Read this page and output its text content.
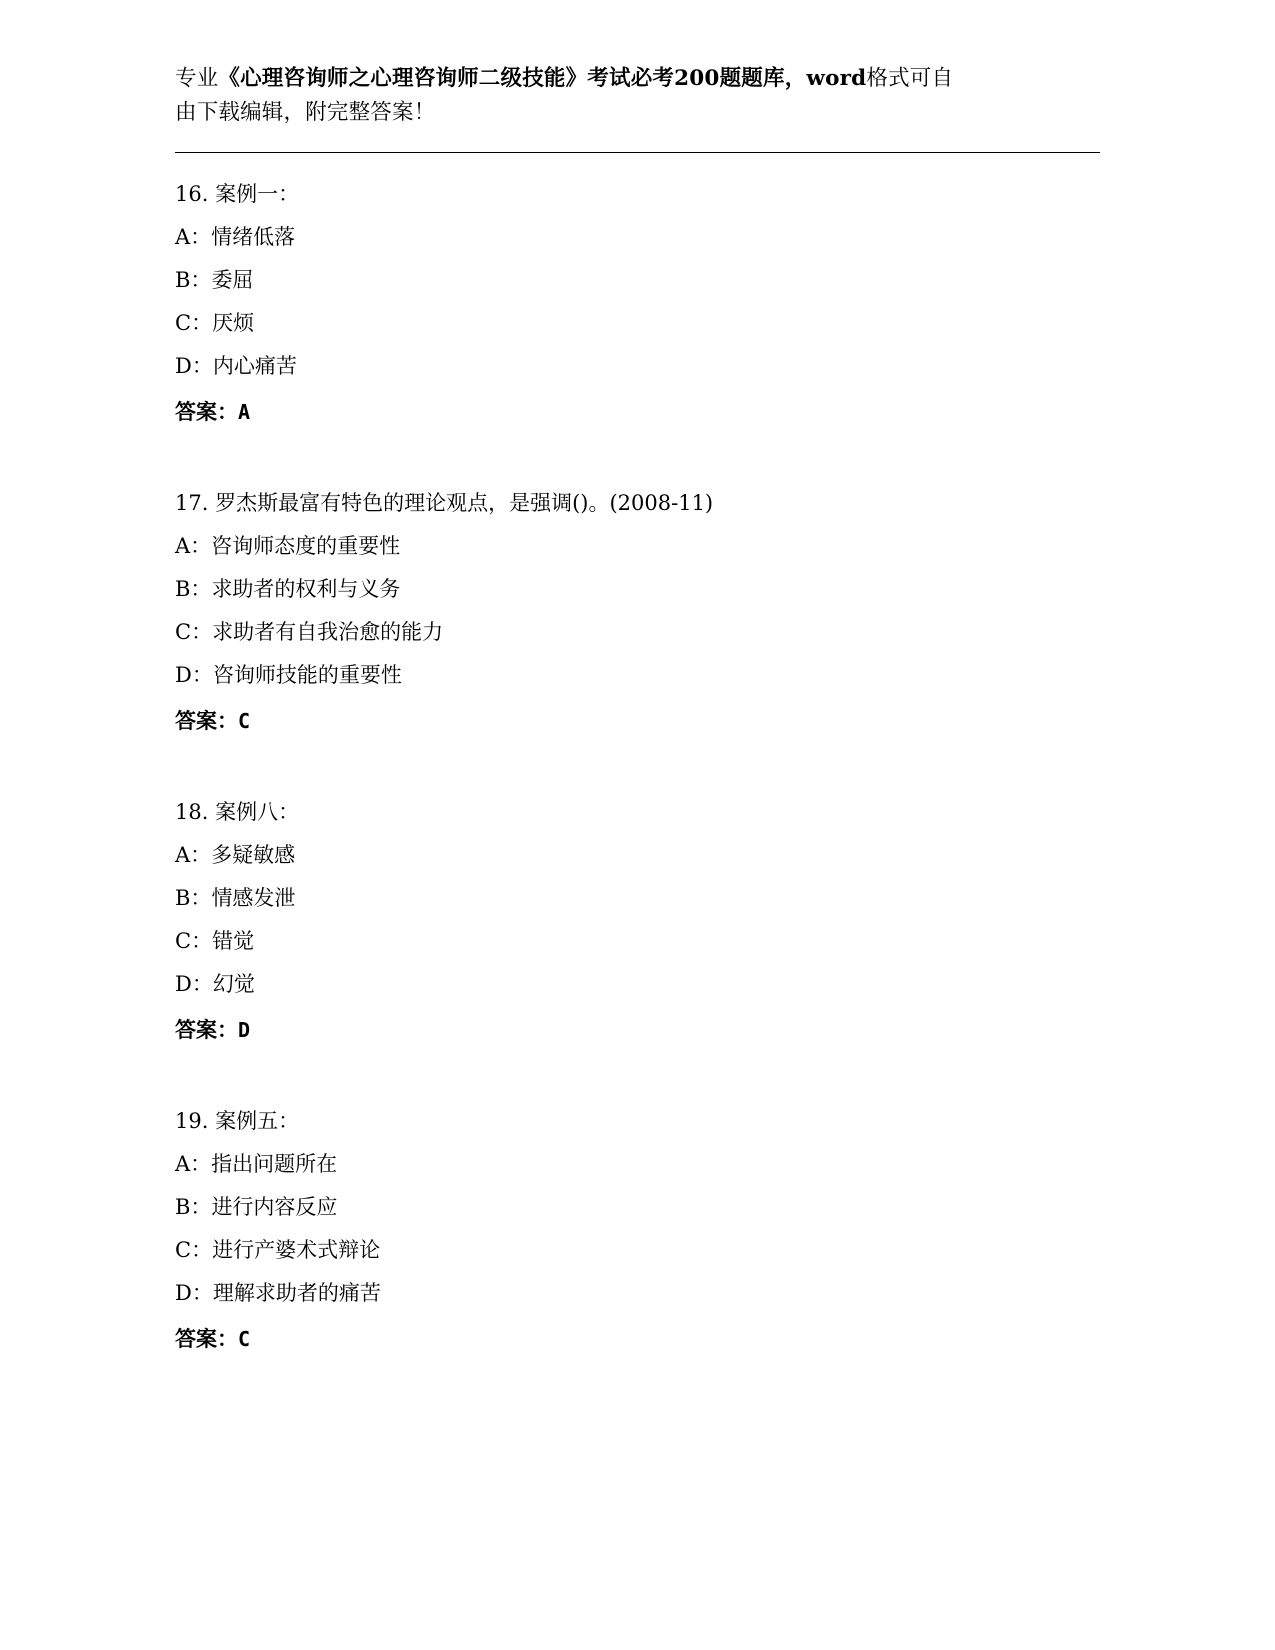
专业《心理咨询师之心理咨询师二级技能》考试必考200题题库，word格式可自
由下载编辑，附完整答案！
16. 案例一：
A：情绪低落
B：委屈
C：厌烦
D：内心痛苦
答案：A
17. 罗杰斯最富有特色的理论观点，是强调()。(2008-11)
A：咨询师态度的重要性
B：求助者的权利与义务
C：求助者有自我治愈的能力
D：咨询师技能的重要性
答案：C
18. 案例八：
A：多疑敏感
B：情感发泄
C：错觉
D：幻觉
答案：D
19. 案例五：
A：指出问题所在
B：进行内容反应
C：进行产婆术式辩论
D：理解求助者的痛苦
答案：C
